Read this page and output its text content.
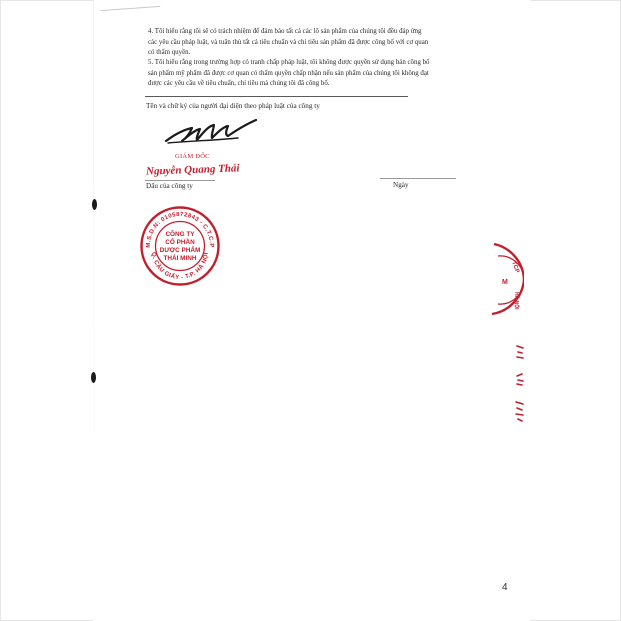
4. Tôi hiểu rằng tôi sẽ có trách nhiệm để đảm bảo tất cả các lô sản phẩm của chúng tôi đều đáp ứng
các yêu cầu pháp luật, và tuân thủ tất cả tiêu chuẩn và chỉ tiêu sản phẩm đã được công bố với cơ quan
có thẩm quyền.
5. Tôi hiểu rằng trong trường hợp có tranh chấp pháp luật, tôi không được quyền sử dụng bản công bố
sản phẩm mỹ phẩm đã được cơ quan có thẩm quyền chấp nhận nếu sản phẩm của chúng tôi không đạt
được các yêu cầu về tiêu chuẩn, chỉ tiêu mà chúng tôi đã công bố.
Tên và chữ ký của người đại diện theo pháp luật của công ty
GIÁM ĐỐC
Nguyễn Quang Thái
Dấu của công ty	Ngày
M.S.D.N: 0105872843 - C.T.C.P
Q. CẦU GIẤY - T.P. HÀ NỘI
CÔNG TY
CỔ PHẦN
DƯỢC PHẨM
THÁI MINH
TCP
M
HÀ NỘI
4
